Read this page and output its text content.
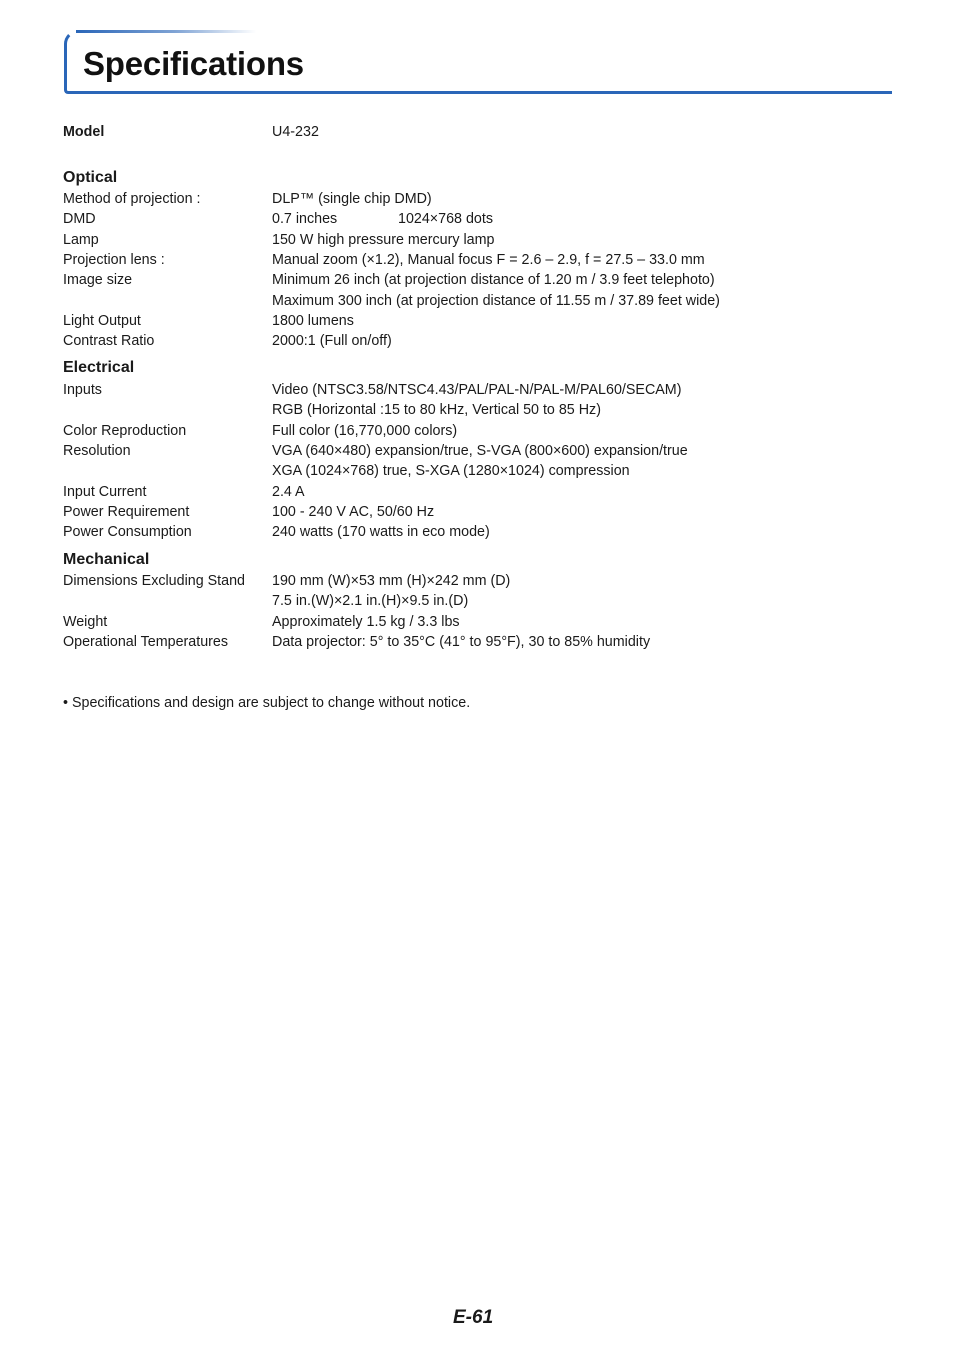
Specifications
Model	U4-232
Optical
Method of projection :	DLP™ (single chip DMD)
DMD	0.7 inches	1024×768 dots
Lamp	150 W high pressure mercury lamp
Projection lens :	Manual zoom (×1.2), Manual focus F = 2.6 – 2.9, f = 27.5 – 33.0 mm
Image size	Minimum 26 inch (at projection distance of 1.20 m / 3.9 feet telephoto)
Maximum 300 inch (at projection distance of 11.55 m / 37.89 feet wide)
Light Output	1800 lumens
Contrast Ratio	2000:1 (Full on/off)
Electrical
Inputs	Video (NTSC3.58/NTSC4.43/PAL/PAL-N/PAL-M/PAL60/SECAM)
RGB (Horizontal :15 to 80 kHz, Vertical 50 to 85 Hz)
Color Reproduction	Full color (16,770,000 colors)
Resolution	VGA (640×480) expansion/true, S-VGA (800×600) expansion/true
XGA (1024×768) true, S-XGA (1280×1024) compression
Input Current	2.4 A
Power Requirement	100 - 240 V AC, 50/60 Hz
Power Consumption	240 watts (170 watts in eco mode)
Mechanical
Dimensions Excluding Stand 190 mm (W)×53 mm (H)×242 mm (D)
7.5 in.(W)×2.1 in.(H)×9.5 in.(D)
Weight	Approximately 1.5 kg / 3.3 lbs
Operational Temperatures	Data projector: 5° to 35°C (41° to 95°F), 30 to 85% humidity
• Specifications and design are subject to change without notice.
E-61
